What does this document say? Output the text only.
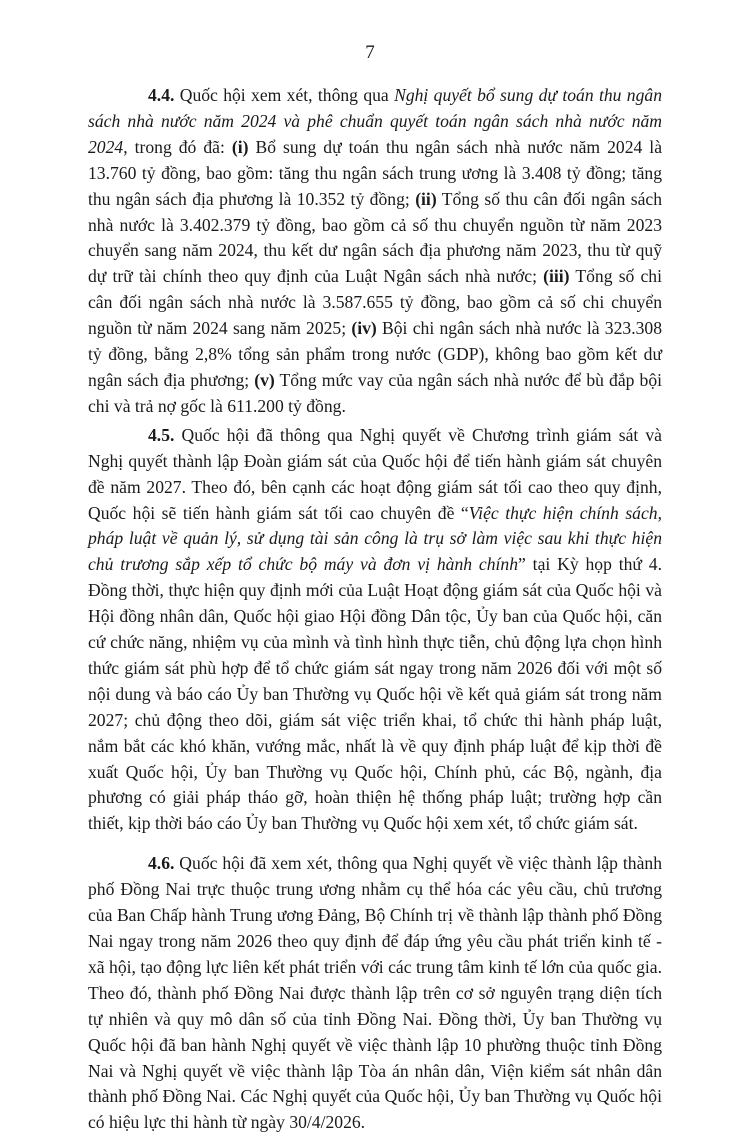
7

4.4. Quốc hội xem xét, thông qua Nghị quyết bổ sung dự toán thu ngân sách nhà nước năm 2024 và phê chuẩn quyết toán ngân sách nhà nước năm 2024, trong đó đã: (i) Bổ sung dự toán thu ngân sách nhà nước năm 2024 là 13.760 tỷ đồng, bao gồm: tăng thu ngân sách trung ương là 3.408 tỷ đồng; tăng thu ngân sách địa phương là 10.352 tỷ đồng; (ii) Tổng số thu cân đối ngân sách nhà nước là 3.402.379 tỷ đồng, bao gồm cả số thu chuyển nguồn từ năm 2023 chuyển sang năm 2024, thu kết dư ngân sách địa phương năm 2023, thu từ quỹ dự trữ tài chính theo quy định của Luật Ngân sách nhà nước; (iii) Tổng số chi cân đối ngân sách nhà nước là 3.587.655 tỷ đồng, bao gồm cả số chi chuyển nguồn từ năm 2024 sang năm 2025; (iv) Bội chi ngân sách nhà nước là 323.308 tỷ đồng, bằng 2,8% tổng sản phẩm trong nước (GDP), không bao gồm kết dư ngân sách địa phương; (v) Tổng mức vay của ngân sách nhà nước để bù đắp bội chi và trả nợ gốc là 611.200 tỷ đồng.

4.5. Quốc hội đã thông qua Nghị quyết về Chương trình giám sát và Nghị quyết thành lập Đoàn giám sát của Quốc hội để tiến hành giám sát chuyên đề năm 2027. Theo đó, bên cạnh các hoạt động giám sát tối cao theo quy định, Quốc hội sẽ tiến hành giám sát tối cao chuyên đề “Việc thực hiện chính sách, pháp luật về quản lý, sử dụng tài sản công là trụ sở làm việc sau khi thực hiện chủ trương sắp xếp tổ chức bộ máy và đơn vị hành chính” tại Kỳ họp thứ 4. Đồng thời, thực hiện quy định mới của Luật Hoạt động giám sát của Quốc hội và Hội đồng nhân dân, Quốc hội giao Hội đồng Dân tộc, Ủy ban của Quốc hội, căn cứ chức năng, nhiệm vụ của mình và tình hình thực tiễn, chủ động lựa chọn hình thức giám sát phù hợp để tổ chức giám sát ngay trong năm 2026 đối với một số nội dung và báo cáo Ủy ban Thường vụ Quốc hội về kết quả giám sát trong năm 2027; chủ động theo dõi, giám sát việc triển khai, tổ chức thi hành pháp luật, nắm bắt các khó khăn, vướng mắc, nhất là về quy định pháp luật để kịp thời đề xuất Quốc hội, Ủy ban Thường vụ Quốc hội, Chính phủ, các Bộ, ngành, địa phương có giải pháp tháo gỡ, hoàn thiện hệ thống pháp luật; trường hợp cần thiết, kịp thời báo cáo Ủy ban Thường vụ Quốc hội xem xét, tổ chức giám sát.

4.6. Quốc hội đã xem xét, thông qua Nghị quyết về việc thành lập thành phố Đồng Nai trực thuộc trung ương nhằm cụ thể hóa các yêu cầu, chủ trương của Ban Chấp hành Trung ương Đảng, Bộ Chính trị về thành lập thành phố Đồng Nai ngay trong năm 2026 theo quy định để đáp ứng yêu cầu phát triển kinh tế - xã hội, tạo động lực liên kết phát triển với các trung tâm kinh tế lớn của quốc gia. Theo đó, thành phố Đồng Nai được thành lập trên cơ sở nguyên trạng diện tích tự nhiên và quy mô dân số của tỉnh Đồng Nai. Đồng thời, Ủy ban Thường vụ Quốc hội đã ban hành Nghị quyết về việc thành lập 10 phường thuộc tỉnh Đồng Nai và Nghị quyết về việc thành lập Tòa án nhân dân, Viện kiểm sát nhân dân thành phố Đồng Nai. Các Nghị quyết của Quốc hội, Ủy ban Thường vụ Quốc hội có hiệu lực thi hành từ ngày 30/4/2026.
